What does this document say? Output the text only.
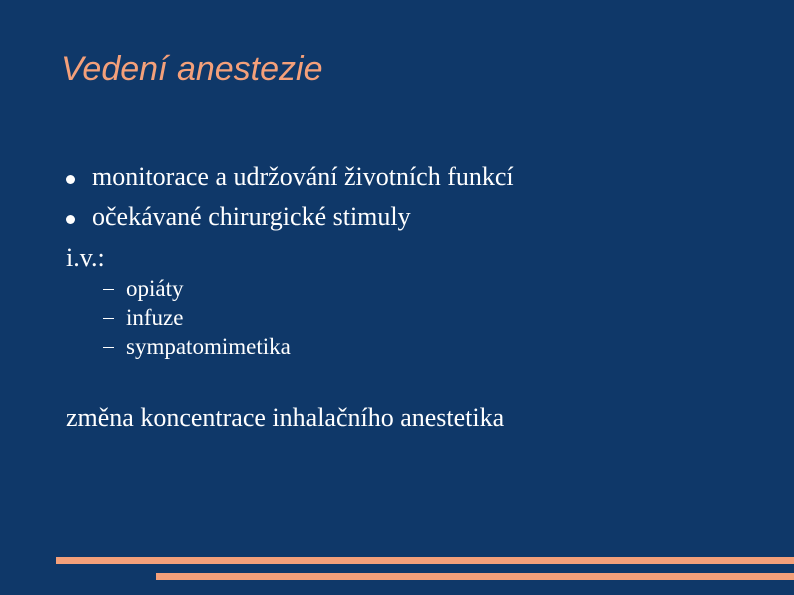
Vedení anestezie
monitorace a udržování životních funkcí
očekávané chirurgické stimuly
i.v.:
opiáty
infuze
sympatomimetika
změna koncentrace inhalačního anestetika
